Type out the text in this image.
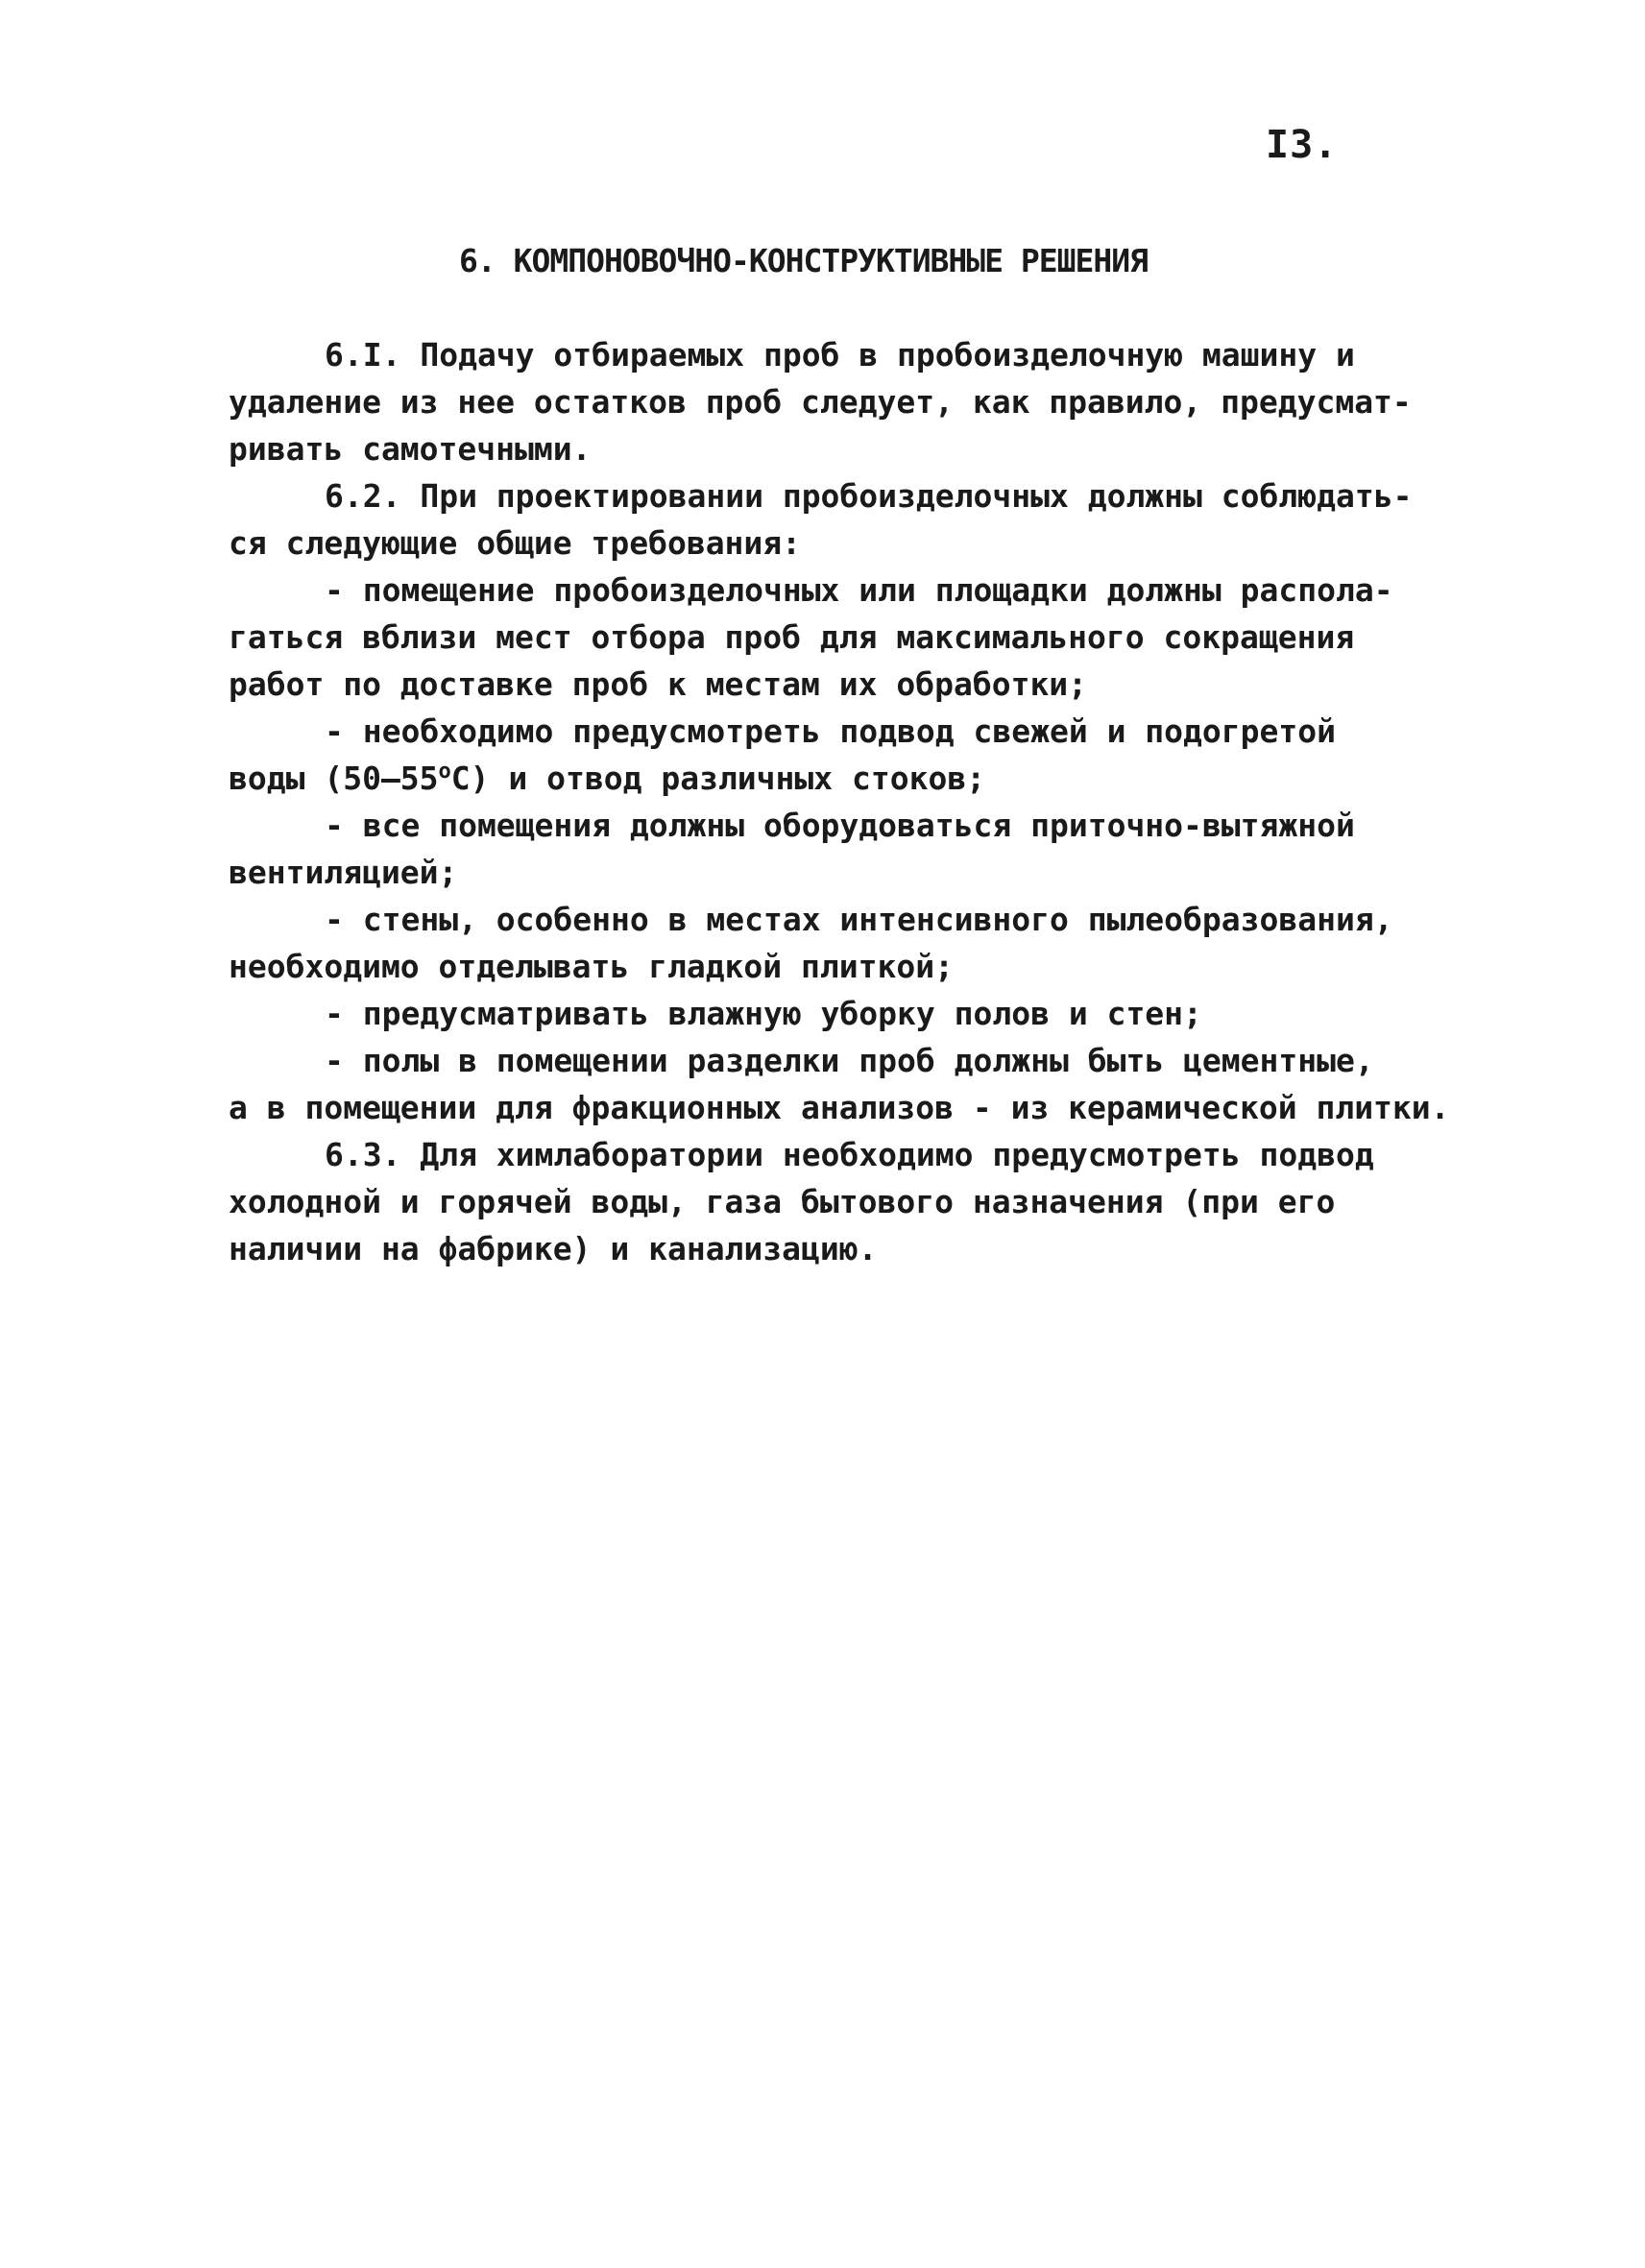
I3.
6. КОМПОНОВОЧНО-КОНСТРУКТИВНЫЕ РЕШЕНИЯ
6.I. Подачу отбираемых проб в пробоизделочную машину и
удаление из нее остатков проб следует, как правило, предусмат-
ривать самотечными.
6.2. При проектировании пробоизделочных должны соблюдать-
ся следующие общие требования:
- помещение пробоизделочных или площадки должны распола-
гаться вблизи мест отбора проб для максимального сокращения
работ по доставке проб к местам их обработки;
- необходимо предусмотреть подвод свежей и подогретой
воды (50–55$^o$С) и отвод различных стоков;
- все помещения должны оборудоваться приточно-вытяжной
вентиляцией;
- стены, особенно в местах интенсивного пылеобразования,
необходимо отделывать гладкой плиткой;
- предусматривать влажную уборку полов и стен;
- полы в помещении разделки проб должны быть цементные,
а в помещении для фракционных анализов - из керамической плитки.
6.3. Для химлаборатории необходимо предусмотреть подвод
холодной и горячей воды, газа бытового назначения (при его
наличии на фабрике) и канализацию.
